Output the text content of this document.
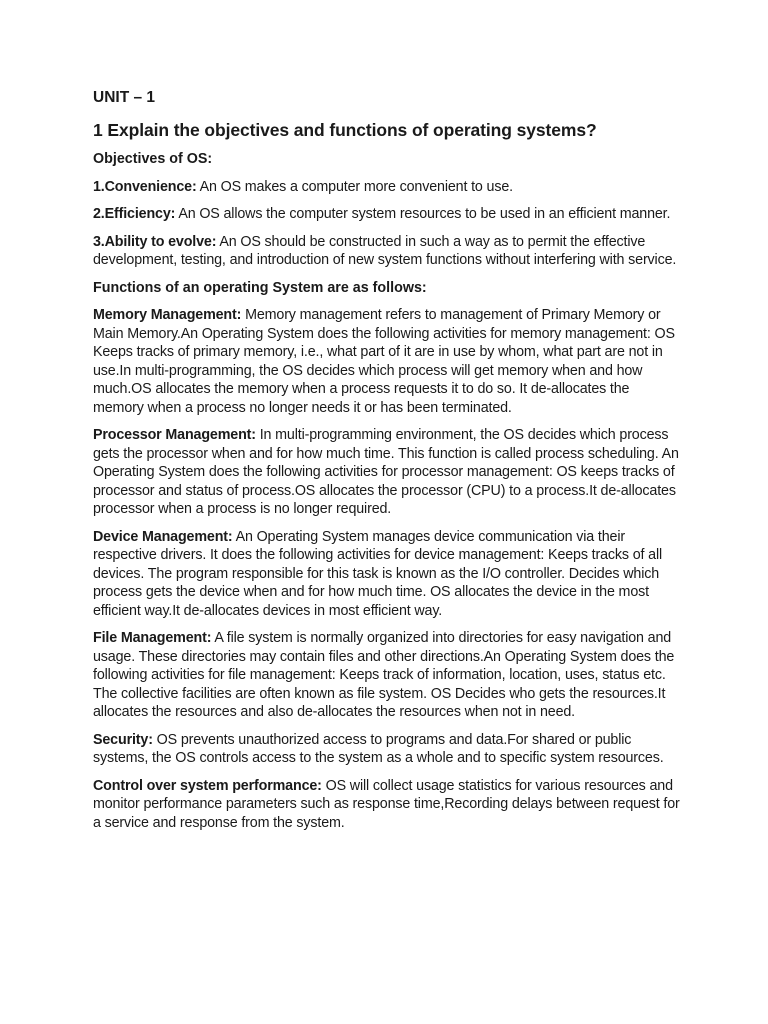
UNIT – 1
1 Explain the objectives and functions of operating systems?
Objectives of OS:

1.Convenience: An OS makes a computer more convenient to use.

2.Efficiency: An OS allows the computer system resources to be used in an efficient manner.

3.Ability to evolve: An OS should be constructed in such a way as to permit the effective development, testing, and introduction of new system functions without interfering with service.

Functions of an operating System are as follows:

Memory Management: Memory management refers to management of Primary Memory or Main Memory.An Operating System does the following activities for memory management: OS Keeps tracks of primary memory, i.e., what part of it are in use by whom, what part are not in use.In multi-programming, the OS decides which process will get memory when and how much.OS allocates the memory when a process requests it to do so. It de-allocates the memory when a process no longer needs it or has been terminated.

Processor Management: In multi-programming environment, the OS decides which process gets the processor when and for how much time. This function is called process scheduling. An Operating System does the following activities for processor management: OS keeps tracks of processor and status of process.OS allocates the processor (CPU) to a process.It de-allocates processor when a process is no longer required.

Device Management: An Operating System manages device communication via their respective drivers. It does the following activities for device management: Keeps tracks of all devices. The program responsible for this task is known as the I/O controller. Decides which process gets the device when and for how much time. OS allocates the device in the most efficient way.It de-allocates devices in most efficient way.

File Management: A file system is normally organized into directories for easy navigation and usage. These directories may contain files and other directions.An Operating System does the following activities for file management: Keeps track of information, location, uses, status etc. The collective facilities are often known as file system. OS Decides who gets the resources.It allocates the resources and also de-allocates the resources when not in need.

Security: OS prevents unauthorized access to programs and data.For shared or public systems, the OS controls access to the system as a whole and to specific system resources.

Control over system performance: OS will collect usage statistics for various resources and monitor performance parameters such as response time,Recording delays between request for a service and response from the system.
